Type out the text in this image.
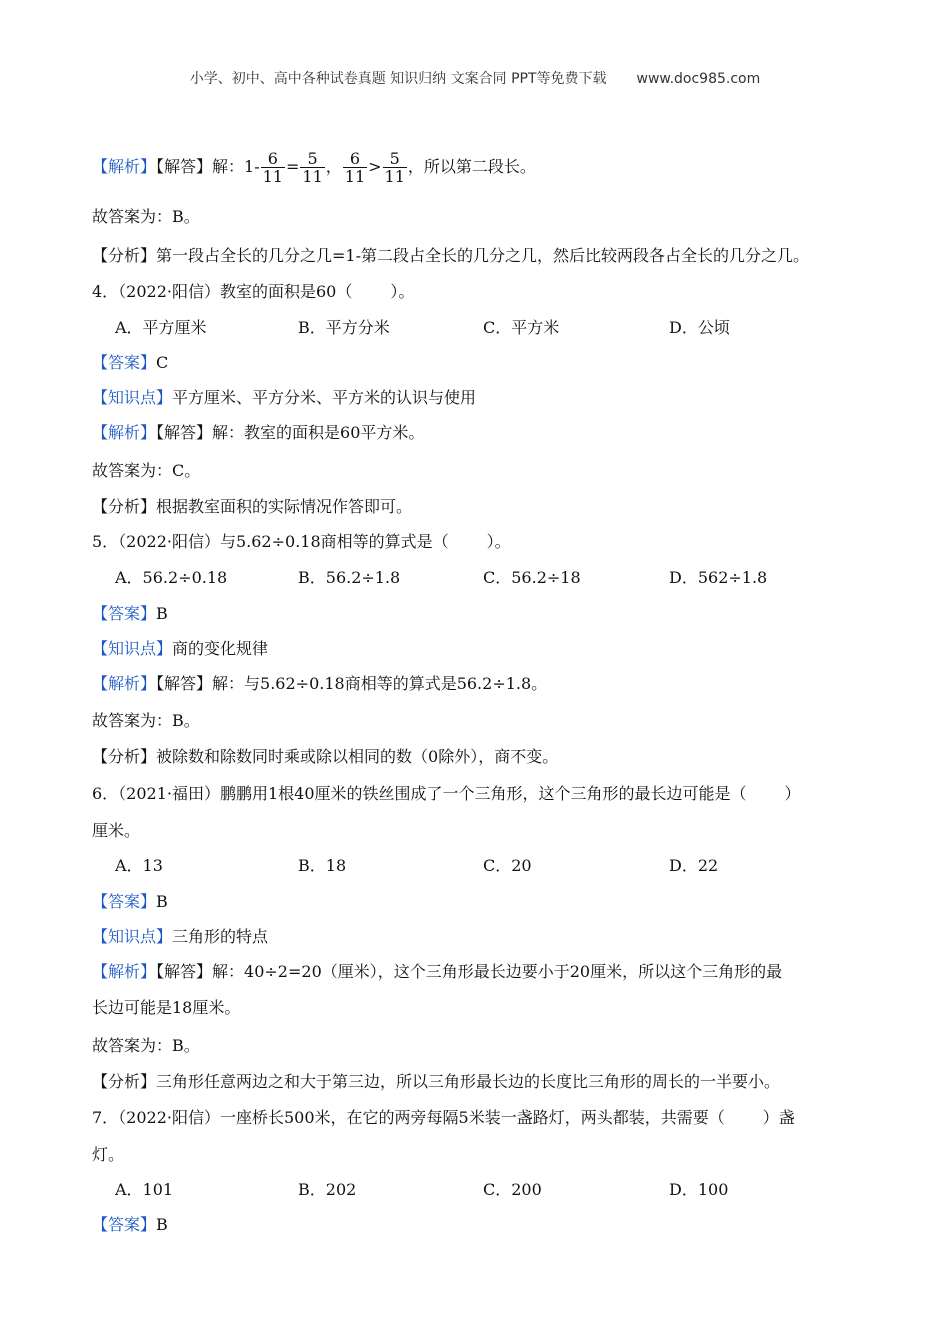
小学、初中、高中各种试卷真题 知识归纳 文案合同 PPT等免费下载 www.doc985.com
【解析】【解答】解：$1- \frac{6}{11} = \frac{5}{11}$ ， $\frac{6}{11} > \frac{5}{11}$ ，所以第二段长。
故答案为：B。
【分析】第一段占全长的几分之几=1-第二段占全长的几分之几，然后比较两段各占全长的几分之几。
4．（2022·阳信）教室的面积是60（ ）。
A．平方厘米	B．平方分米	C．平方米	D．公顷
【答案】C
【知识点】平方厘米、平方分米、平方米的认识与使用
【解析】【解答】解：教室的面积是60平方米。
故答案为：C。
【分析】根据教室面积的实际情况作答即可。
5．（2022·阳信）与5.62÷0.18商相等的算式是（ ）。
A．56.2÷0.18	B．56.2÷1.8	C．56.2÷18	D．562÷1.8
【答案】B
【知识点】商的变化规律
【解析】【解答】解：与5.62÷0.18商相等的算式是56.2÷1.8。
故答案为：B。
【分析】被除数和除数同时乘或除以相同的数（0除外），商不变。
6．（2021·福田）鹏鹏用1根40厘米的铁丝围成了一个三角形，这个三角形的最长边可能是（ ）
厘米。
A．13	B．18	C．20	D．22
【答案】B
【知识点】三角形的特点
【解析】【解答】解：40÷2=20（厘米），这个三角形最长边要小于20厘米，所以这个三角形的最
长边可能是18厘米。
故答案为：B。
【分析】三角形任意两边之和大于第三边，所以三角形最长边的长度比三角形的周长的一半要小。
7．（2022·阳信）一座桥长500米，在它的两旁每隔5米装一盏路灯，两头都装，共需要（ ）盏
灯。
A．101	B．202	C．200	D．100
【答案】B
